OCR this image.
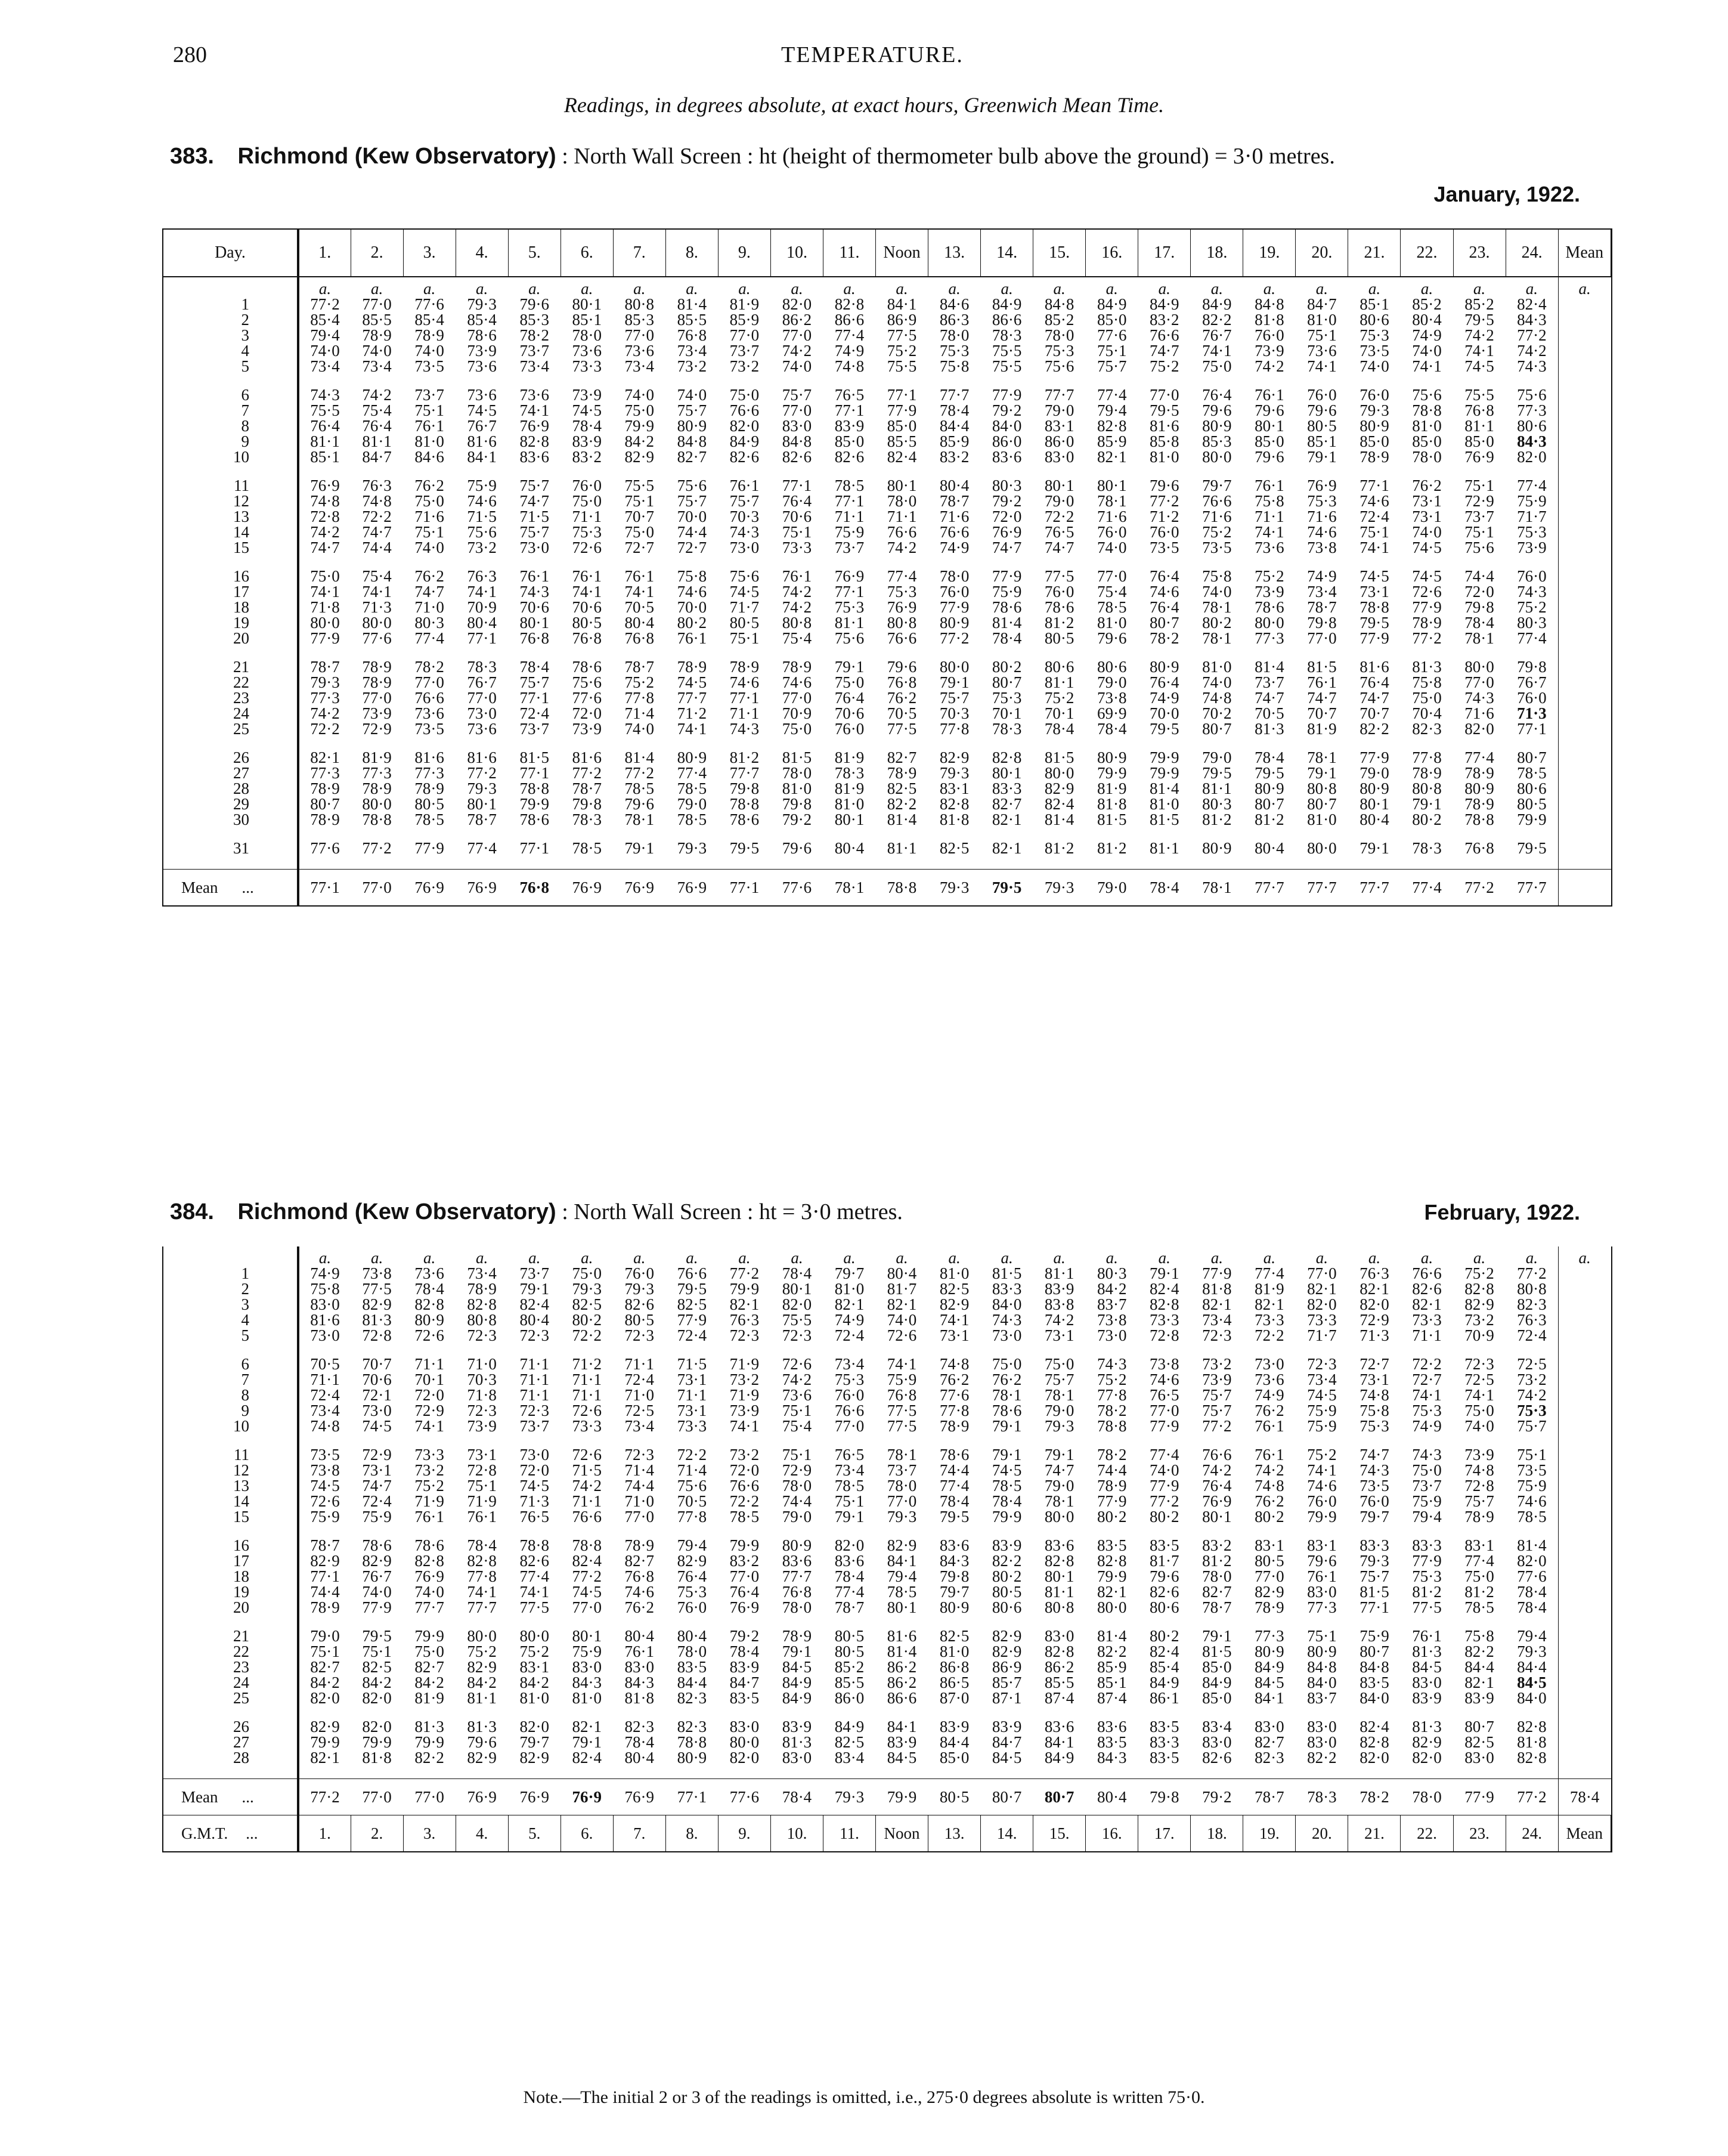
280	TEMPERATURE.
Readings, in degrees absolute, at exact hours, Greenwich Mean Time.
383. Richmond (Kew Observatory) : North Wall Screen : ht (height of thermometer bulb above the ground) = 3·0 metres.
January, 1922.
Day.	1.	2.	3.	4.	5.	6.	7.	8.	9.	10.	11.	Noon	13.	14.	15.	16.	17.	18.	19.	20.	21.	22.	23.	24.	Mean
	a.	a.	a.	a.	a.	a.	a.	a.	a.	a.	a.	a.	a.	a.	a.	a.	a.	a.	a.	a.	a.	a.	a.	a.	a.
1	77·2	77·0	77·6	79·3	79·6	80·1	80·8	81·4	81·9	82·0	82·8	84·1	84·6	84·9	84·8	84·9	84·9	84·9	84·8	84·7	85·1	85·2	85·2	82·4	
2	85·4	85·5	85·4	85·4	85·3	85·1	85·3	85·5	85·9	86·2	86·6	86·9	86·3	86·6	85·2	85·0	83·2	82·2	81·8	81·0	80·6	80·4	79·5	84·3	
3	79·4	78·9	78·9	78·6	78·2	78·0	77·0	76·8	77·0	77·0	77·4	77·5	78·0	78·3	78·0	77·6	76·6	76·7	76·0	75·1	75·3	74·9	74·2	77·2	
4	74·0	74·0	74·0	73·9	73·7	73·6	73·6	73·4	73·7	74·2	74·9	75·2	75·3	75·5	75·3	75·1	74·7	74·1	73·9	73·6	73·5	74·0	74·1	74·2	
5	73·4	73·4	73·5	73·6	73·4	73·3	73·4	73·2	73·2	74·0	74·8	75·5	75·8	75·5	75·6	75·7	75·2	75·0	74·2	74·1	74·0	74·1	74·5	74·3	

6	74·3	74·2	73·7	73·6	73·6	73·9	74·0	74·0	75·0	75·7	76·5	77·1	77·7	77·9	77·7	77·4	77·0	76·4	76·1	76·0	76·0	75·6	75·5	75·6	
7	75·5	75·4	75·1	74·5	74·1	74·5	75·0	75·7	76·6	77·0	77·1	77·9	78·4	79·2	79·0	79·4	79·5	79·6	79·6	79·6	79·3	78·8	76·8	77·3	
8	76·4	76·4	76·1	76·7	76·9	78·4	79·9	80·9	82·0	83·0	83·9	85·0	84·4	84·0	83·1	82·8	81·6	80·9	80·1	80·5	80·9	81·0	81·1	80·6	
9	81·1	81·1	81·0	81·6	82·8	83·9	84·2	84·8	84·9	84·8	85·0	85·5	85·9	86·0	86·0	85·9	85·8	85·3	85·0	85·1	85·0	85·0	85·0	84·3	
10	85·1	84·7	84·6	84·1	83·6	83·2	82·9	82·7	82·6	82·6	82·6	82·4	83·2	83·6	83·0	82·1	81·0	80·0	79·6	79·1	78·9	78·0	76·9	82·0	

11	76·9	76·3	76·2	75·9	75·7	76·0	75·5	75·6	76·1	77·1	78·5	80·1	80·4	80·3	80·1	80·1	79·6	79·7	76·1	76·9	77·1	76·2	75·1	77·4	
12	74·8	74·8	75·0	74·6	74·7	75·0	75·1	75·7	75·7	76·4	77·1	78·0	78·7	79·2	79·0	78·1	77·2	76·6	75·8	75·3	74·6	73·1	72·9	75·9	
13	72·8	72·2	71·6	71·5	71·5	71·1	70·7	70·0	70·3	70·6	71·1	71·1	71·6	72·0	72·2	71·6	71·2	71·6	71·1	71·6	72·4	73·1	73·7	71·7	
14	74·2	74·7	75·1	75·6	75·7	75·3	75·0	74·4	74·3	75·1	75·9	76·6	76·6	76·9	76·5	76·0	76·0	75·2	74·1	74·6	75·1	74·0	75·1	75·3	
15	74·7	74·4	74·0	73·2	73·0	72·6	72·7	72·7	73·0	73·3	73·7	74·2	74·9	74·7	74·7	74·0	73·5	73·5	73·6	73·8	74·1	74·5	75·6	73·9	

16	75·0	75·4	76·2	76·3	76·1	76·1	76·1	75·8	75·6	76·1	76·9	77·4	78·0	77·9	77·5	77·0	76·4	75·8	75·2	74·9	74·5	74·5	74·4	76·0	
17	74·1	74·1	74·7	74·1	74·3	74·1	74·1	74·6	74·5	74·2	77·1	75·3	76·0	75·9	76·0	75·4	74·6	74·0	73·9	73·4	73·1	72·6	72·0	74·3	
18	71·8	71·3	71·0	70·9	70·6	70·6	70·5	70·0	71·7	74·2	75·3	76·9	77·9	78·6	78·6	78·5	76·4	78·1	78·6	78·7	78·8	77·9	79·8	75·2	
19	80·0	80·0	80·3	80·4	80·1	80·5	80·4	80·2	80·5	80·8	81·1	80·8	80·9	81·4	81·2	81·0	80·7	80·2	80·0	79·8	79·5	78·9	78·4	80·3	
20	77·9	77·6	77·4	77·1	76·8	76·8	76·8	76·1	75·1	75·4	75·6	76·6	77·2	78·4	80·5	79·6	78·2	78·1	77·3	77·0	77·9	77·2	78·1	77·4	

21	78·7	78·9	78·2	78·3	78·4	78·6	78·7	78·9	78·9	78·9	79·1	79·6	80·0	80·2	80·6	80·6	80·9	81·0	81·4	81·5	81·6	81·3	80·0	79·8	
22	79·3	78·9	77·0	76·7	75·7	75·6	75·2	74·5	74·6	74·6	75·0	76·8	79·1	80·7	81·1	79·0	76·4	74·0	73·7	76·1	76·4	75·8	77·0	76·7	
23	77·3	77·0	76·6	77·0	77·1	77·6	77·8	77·7	77·1	77·0	76·4	76·2	75·7	75·3	75·2	73·8	74·9	74·8	74·7	74·7	74·7	75·0	74·3	76·0	
24	74·2	73·9	73·6	73·0	72·4	72·0	71·4	71·2	71·1	70·9	70·6	70·5	70·3	70·1	70·1	69·9	70·0	70·2	70·5	70·7	70·7	70·4	71·6	71·3	
25	72·2	72·9	73·5	73·6	73·7	73·9	74·0	74·1	74·3	75·0	76·0	77·5	77·8	78·3	78·4	78·4	79·5	80·7	81·3	81·9	82·2	82·3	82·0	77·1	

26	82·1	81·9	81·6	81·6	81·5	81·6	81·4	80·9	81·2	81·5	81·9	82·7	82·9	82·8	81·5	80·9	79·9	79·0	78·4	78·1	77·9	77·8	77·4	80·7	
27	77·3	77·3	77·3	77·2	77·1	77·2	77·2	77·4	77·7	78·0	78·3	78·9	79·3	80·1	80·0	79·9	79·9	79·5	79·5	79·1	79·0	78·9	78·9	78·5	
28	78·9	78·9	78·9	79·3	78·8	78·7	78·5	78·5	79·8	81·0	81·9	82·5	83·1	83·3	82·9	81·9	81·4	81·1	80·9	80·8	80·9	80·8	80·9	80·6	
29	80·7	80·0	80·5	80·1	79·9	79·8	79·6	79·0	78·8	79·8	81·0	82·2	82·8	82·7	82·4	81·8	81·0	80·3	80·7	80·7	80·1	79·1	78·9	80·5	
30	78·9	78·8	78·5	78·7	78·6	78·3	78·1	78·5	78·6	79·2	80·1	81·4	81·8	82·1	81·4	81·5	81·5	81·2	81·2	81·0	80·4	80·2	78·8	79·9	

31	77·6	77·2	77·9	77·4	77·1	78·5	79·1	79·3	79·5	79·6	80·4	81·1	82·5	82·1	81·2	81·2	81·1	80·9	80·4	80·0	79·1	78·3	76·8	79·5	

Mean ...	77·1	77·0	76·9	76·9	76·8	76·9	76·9	76·9	77·1	77·6	78·1	78·8	79·3	79·5	79·3	79·0	78·4	78·1	77·7	77·7	77·7	77·4	77·2	77·7	
384. Richmond (Kew Observatory) : North Wall Screen : ht = 3·0 metres.	February, 1922.
	a.	a.	a.	a.	a.	a.	a.	a.	a.	a.	a.	a.	a.	a.	a.	a.	a.	a.	a.	a.	a.	a.	a.	a.	a.
1	74·9	73·8	73·6	73·4	73·7	75·0	76·0	76·6	77·2	78·4	79·7	80·4	81·0	81·5	81·1	80·3	79·1	77·9	77·4	77·0	76·3	76·6	75·2	77·2	
2	75·8	77·5	78·4	78·9	79·1	79·3	79·3	79·5	79·9	80·1	81·0	81·7	82·5	83·3	83·9	84·2	82·4	81·8	81·9	82·1	82·1	82·6	82·8	80·8	
3	83·0	82·9	82·8	82·8	82·4	82·5	82·6	82·5	82·1	82·0	82·1	82·1	82·9	84·0	83·8	83·7	82·8	82·1	82·1	82·0	82·0	82·1	82·9	82·3	
4	81·6	81·3	80·9	80·8	80·4	80·2	80·5	77·9	76·3	75·5	74·9	74·0	74·1	74·3	74·2	73·8	73·3	73·4	73·3	73·3	72·9	73·3	73·2	76·3	
5	73·0	72·8	72·6	72·3	72·3	72·2	72·3	72·4	72·3	72·3	72·4	72·6	73·1	73·0	73·1	73·0	72·8	72·3	72·2	71·7	71·3	71·1	70·9	72·4	

6	70·5	70·7	71·1	71·0	71·1	71·2	71·1	71·5	71·9	72·6	73·4	74·1	74·8	75·0	75·0	74·3	73·8	73·2	73·0	72·3	72·7	72·2	72·3	72·5	
7	71·1	70·6	70·1	70·3	71·1	71·1	72·4	73·1	73·2	74·2	75·3	75·9	76·2	76·2	75·7	75·2	74·6	73·9	73·6	73·4	73·1	72·7	72·5	73·2	
8	72·4	72·1	72·0	71·8	71·1	71·1	71·0	71·1	71·9	73·6	76·0	76·8	77·6	78·1	78·1	77·8	76·5	75·7	74·9	74·5	74·8	74·1	74·1	74·2	
9	73·4	73·0	72·9	72·3	72·3	72·6	72·5	73·1	73·9	75·1	76·6	77·5	77·8	78·6	79·0	78·2	77·0	75·7	76·2	75·9	75·8	75·3	75·0	75·3	
10	74·8	74·5	74·1	73·9	73·7	73·3	73·4	73·3	74·1	75·4	77·0	77·5	78·9	79·1	79·3	78·8	77·9	77·2	76·1	75·9	75·3	74·9	74·0	75·7	

11	73·5	72·9	73·3	73·1	73·0	72·6	72·3	72·2	73·2	75·1	76·5	78·1	78·6	79·1	79·1	78·2	77·4	76·6	76·1	75·2	74·7	74·3	73·9	75·1	
12	73·8	73·1	73·2	72·8	72·0	71·5	71·4	71·4	72·0	72·9	73·4	73·7	74·4	74·5	74·7	74·4	74·0	74·2	74·2	74·1	74·3	75·0	74·8	73·5	
13	74·5	74·7	75·2	75·1	74·5	74·2	74·4	75·6	76·6	78·0	78·5	78·0	77·4	78·5	79·0	78·9	77·9	76·4	74·8	74·6	73·5	73·7	72·8	75·9	
14	72·6	72·4	71·9	71·9	71·3	71·1	71·0	70·5	72·2	74·4	75·1	77·0	78·4	78·4	78·1	77·9	77·2	76·9	76·2	76·0	76·0	75·9	75·7	74·6	
15	75·9	75·9	76·1	76·1	76·5	76·6	77·0	77·8	78·5	79·0	79·1	79·3	79·5	79·9	80·0	80·2	80·2	80·1	80·2	79·9	79·7	79·4	78·9	78·5	

16	78·7	78·6	78·6	78·4	78·8	78·8	78·9	79·4	79·9	80·9	82·0	82·9	83·6	83·9	83·6	83·5	83·5	83·2	83·1	83·1	83·3	83·3	83·1	81·4	
17	82·9	82·9	82·8	82·8	82·6	82·4	82·7	82·9	83·2	83·6	83·6	84·1	84·3	82·2	82·8	82·8	81·7	81·2	80·5	79·6	79·3	77·9	77·4	82·0	
18	77·1	76·7	76·9	77·8	77·4	77·2	76·8	76·4	77·0	77·7	78·4	79·4	79·8	80·2	80·1	79·9	79·6	78·0	77·0	76·1	75·7	75·3	75·0	77·6	
19	74·4	74·0	74·0	74·1	74·1	74·5	74·6	75·3	76·4	76·8	77·4	78·5	79·7	80·5	81·1	82·1	82·6	82·7	82·9	83·0	81·5	81·2	81·2	78·4	
20	78·9	77·9	77·7	77·7	77·5	77·0	76·2	76·0	76·9	78·0	78·7	80·1	80·9	80·6	80·8	80·0	80·6	78·7	78·9	77·3	77·1	77·5	78·5	78·4	

21	79·0	79·5	79·9	80·0	80·0	80·1	80·4	80·4	79·2	78·9	80·5	81·6	82·5	82·9	83·0	81·4	80·2	79·1	77·3	75·1	75·9	76·1	75·8	79·4	
22	75·1	75·1	75·0	75·2	75·2	75·9	76·1	78·0	78·4	79·1	80·5	81·4	81·0	82·9	82·8	82·2	82·4	81·5	80·9	80·9	80·7	81·3	82·2	79·3	
23	82·7	82·5	82·7	82·9	83·1	83·0	83·0	83·5	83·9	84·5	85·2	86·2	86·8	86·9	86·2	85·9	85·4	85·0	84·9	84·8	84·8	84·5	84·4	84·4	
24	84·2	84·2	84·2	84·2	84·2	84·3	84·3	84·4	84·7	84·9	85·5	86·2	86·5	85·7	85·5	85·1	84·9	84·9	84·5	84·0	83·5	83·0	82·1	84·5	
25	82·0	82·0	81·9	81·1	81·0	81·0	81·8	82·3	83·5	84·9	86·0	86·6	87·0	87·1	87·4	87·4	86·1	85·0	84·1	83·7	84·0	83·9	83·9	84·0	

26	82·9	82·0	81·3	81·3	82·0	82·1	82·3	82·3	83·0	83·9	84·9	84·1	83·9	83·9	83·6	83·6	83·5	83·4	83·0	83·0	82·4	81·3	80·7	82·8	
27	79·9	79·9	79·9	79·6	79·7	79·1	78·4	78·8	80·0	81·3	82·5	83·9	84·4	84·7	84·1	83·5	83·3	83·0	82·7	83·0	82·8	82·9	82·5	81·8	
28	82·1	81·8	82·2	82·9	82·9	82·4	80·4	80·9	82·0	83·0	83·4	84·5	85·0	84·5	84·9	84·3	83·5	82·6	82·3	82·2	82·0	82·0	83·0	82·8	

Mean ...	77·2	77·0	77·0	76·9	76·9	76·9	76·9	77·1	77·6	78·4	79·3	79·9	80·5	80·7	80·7	80·4	79·8	79·2	78·7	78·3	78·2	78·0	77·9	77·2	78·4
G.M.T. ...	1.	2.	3.	4.	5.	6.	7.	8.	9.	10.	11.	Noon	13.	14.	15.	16.	17.	18.	19.	20.	21.	22.	23.	24.	Mean
Note.—The initial 2 or 3 of the readings is omitted, i.e., 275·0 degrees absolute is written 75·0.
